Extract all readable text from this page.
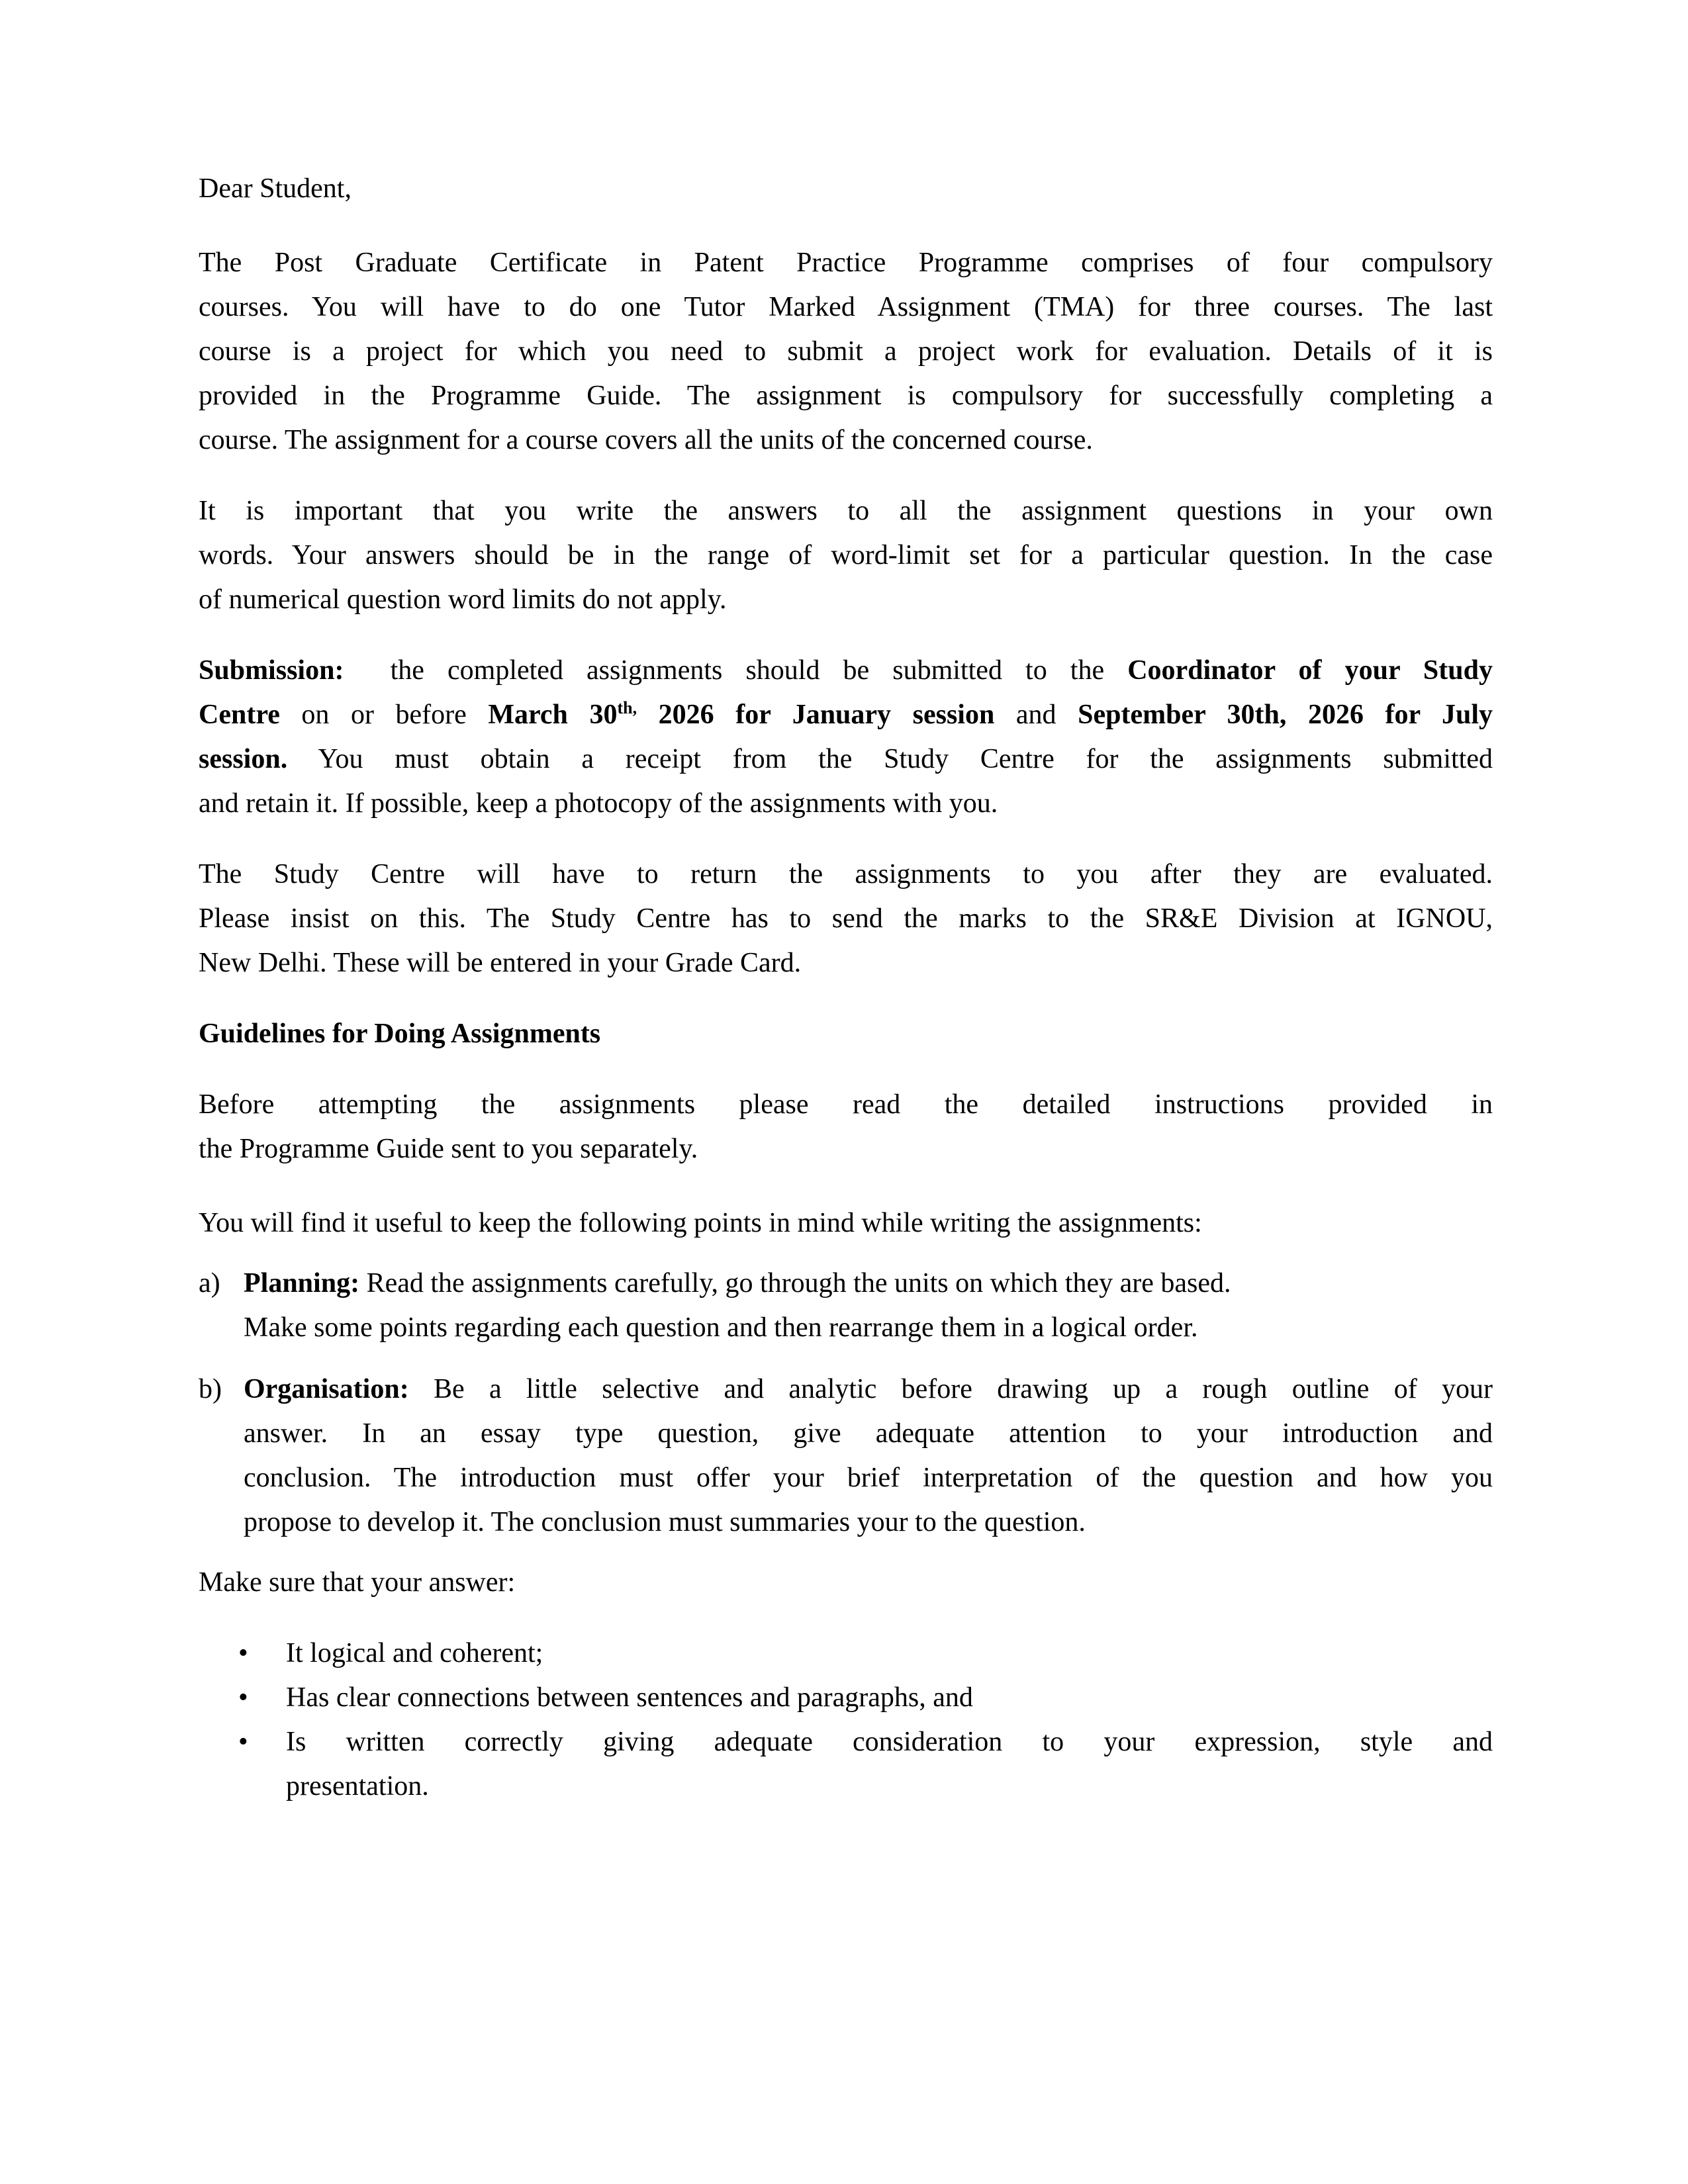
Dear Student,
The Post Graduate Certificate in Patent Practice Programme comprises of four compulsory
courses. You will have to do one Tutor Marked Assignment (TMA) for three courses. The last
course is a project for which you need to submit a project work for evaluation. Details of it is
provided in the Programme Guide. The assignment is compulsory for successfully completing a
course. The assignment for a course covers all the units of the concerned course.
It is important that you write the answers to all the assignment questions in your own
words. Your answers should be in the range of word-limit set for a particular question. In the case
of numerical question word limits do not apply.
Submission:  the completed assignments should be submitted to the Coordinator of your Study
Centre on or before March $30^{th,}$ 2026 for January session and September 30th, 2026 for July
session. You must obtain a receipt from the Study Centre for the assignments submitted
and retain it. If possible, keep a photocopy of the assignments with you.
The Study Centre will have to return the assignments to you after they are evaluated.
Please insist on this. The Study Centre has to send the marks to the SR&E Division at IGNOU,
New Delhi. These will be entered in your Grade Card.
Guidelines for Doing Assignments
Before attempting the assignments please read the detailed instructions provided in
the Programme Guide sent to you separately.
You will find it useful to keep the following points in mind while writing the assignments:
a) Planning: Read the assignments carefully, go through the units on which they are based.
Make some points regarding each question and then rearrange them in a logical order.
b) Organisation: Be a little selective and analytic before drawing up a rough outline of your
answer. In an essay type question, give adequate attention to your introduction and
conclusion. The introduction must offer your brief interpretation of the question and how you
propose to develop it. The conclusion must summaries your to the question.
Make sure that your answer:
•	It logical and coherent;
•	Has clear connections between sentences and paragraphs, and
•	Is written correctly giving adequate consideration to your expression, style and
presentation.
